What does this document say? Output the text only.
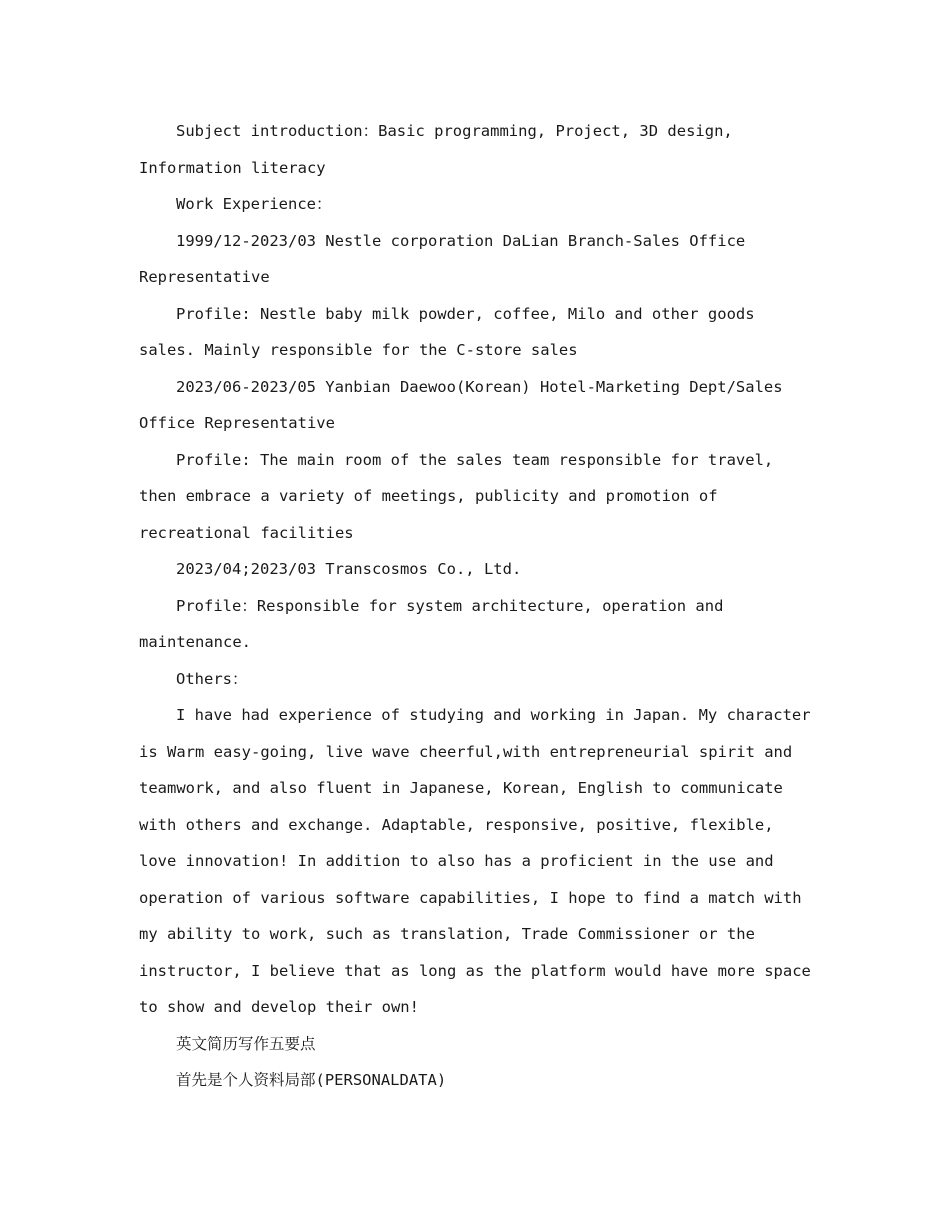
Subject introduction：Basic programming, Project, 3D design, Information literacy

Work Experience：

1999/12-2023/03 Nestle corporation DaLian Branch-Sales Office Representative

Profile: Nestle baby milk powder, coffee, Milo and other goods sales. Mainly responsible for the C-store sales

2023/06-2023/05 Yanbian Daewoo(Korean) Hotel-Marketing Dept/Sales Office Representative

Profile: The main room of the sales team responsible for travel, then embrace a variety of meetings, publicity and promotion of recreational facilities

2023/04;2023/03 Transcosmos Co., Ltd.

Profile：Responsible for system architecture, operation and maintenance.

Others：

I have had experience of studying and working in Japan. My character is Warm easy-going, live wave cheerful,with entrepreneurial spirit and teamwork, and also fluent in Japanese, Korean, English to communicate with others and exchange. Adaptable, responsive, positive, flexible, love innovation! In addition to also has a proficient in the use and operation of various software capabilities, I hope to find a match with my ability to work, such as translation, Trade Commissioner or the instructor, I believe that as long as the platform would have more space to show and develop their own!

英文简历写作五要点

首先是个人资料局部(PERSONALDATA)
